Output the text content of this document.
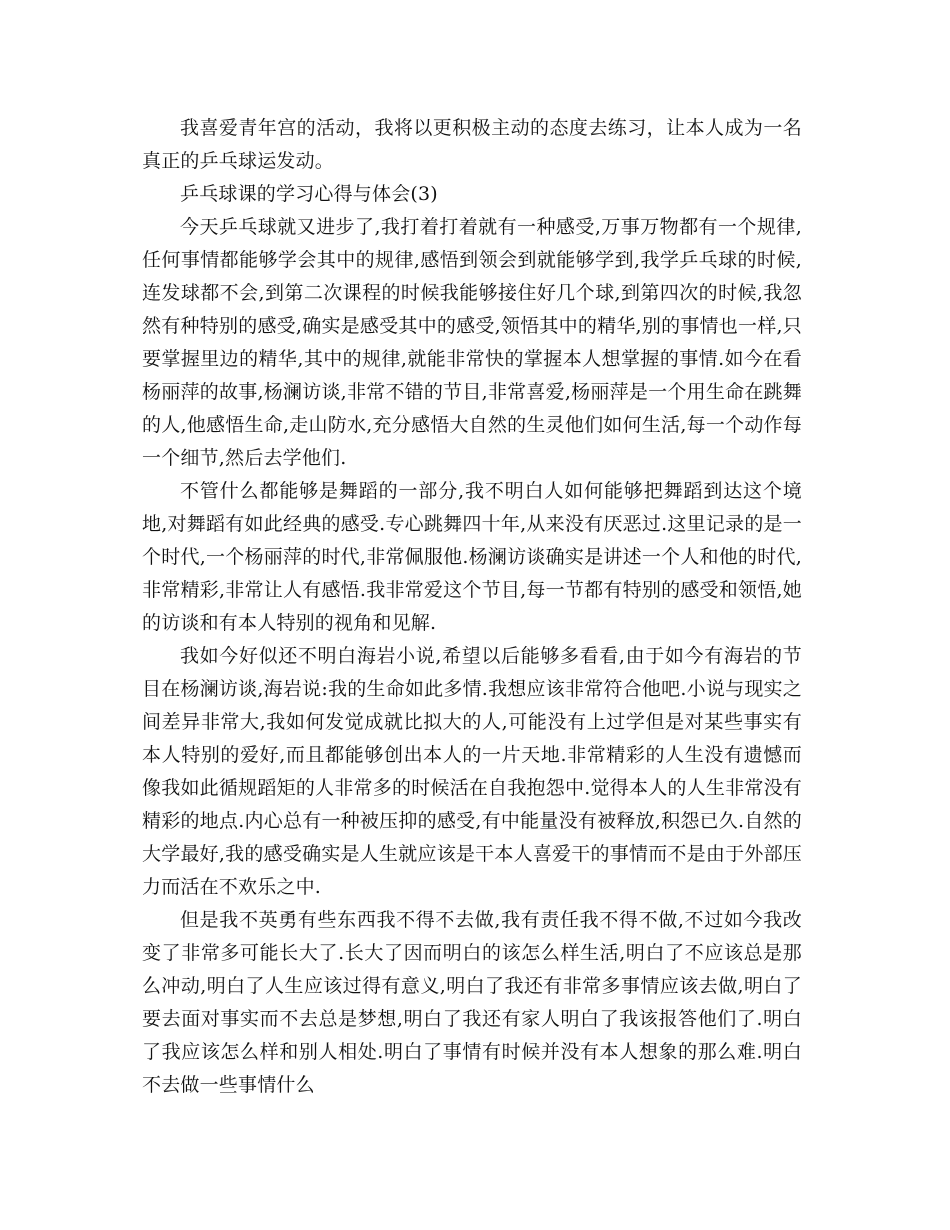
我喜爱青年宫的活动，我将以更积极主动的态度去练习，让本人成为一名真正的乒乓球运发动。

乒乓球课的学习心得与体会(3)

今天乒乓球就又进步了,我打着打着就有一种感受,万事万物都有一个规律,任何事情都能够学会其中的规律,感悟到领会到就能够学到,我学乒乓球的时候,连发球都不会,到第二次课程的时候我能够接住好几个球,到第四次的时候,我忽然有种特别的感受,确实是感受其中的感受,领悟其中的精华,别的事情也一样,只要掌握里边的精华,其中的规律,就能非常快的掌握本人想掌握的事情.如今在看杨丽萍的故事,杨澜访谈,非常不错的节目,非常喜爱,杨丽萍是一个用生命在跳舞的人,他感悟生命,走山防水,充分感悟大自然的生灵他们如何生活,每一个动作每一个细节,然后去学他们.

不管什么都能够是舞蹈的一部分,我不明白人如何能够把舞蹈到达这个境地,对舞蹈有如此经典的感受.专心跳舞四十年,从来没有厌恶过.这里记录的是一个时代,一个杨丽萍的时代,非常佩服他.杨澜访谈确实是讲述一个人和他的时代,非常精彩,非常让人有感悟.我非常爱这个节目,每一节都有特别的感受和领悟,她的访谈和有本人特别的视角和见解.

我如今好似还不明白海岩小说,希望以后能够多看看,由于如今有海岩的节目在杨澜访谈,海岩说:我的生命如此多情.我想应该非常符合他吧.小说与现实之间差异非常大,我如何发觉成就比拟大的人,可能没有上过学但是对某些事实有本人特别的爱好,而且都能够创出本人的一片天地.非常精彩的人生没有遗憾而像我如此循规蹈矩的人非常多的时候活在自我抱怨中.觉得本人的人生非常没有精彩的地点.内心总有一种被压抑的感受,有中能量没有被释放,积怨已久.自然的大学最好,我的感受确实是人生就应该是干本人喜爱干的事情而不是由于外部压力而活在不欢乐之中.

但是我不英勇有些东西我不得不去做,我有责任我不得不做,不过如今我改变了非常多可能长大了.长大了因而明白的该怎么样生活,明白了不应该总是那么冲动,明白了人生应该过得有意义,明白了我还有非常多事情应该去做,明白了要去面对事实而不去总是梦想,明白了我还有家人明白了我该报答他们了.明白了我应该怎么样和别人相处.明白了事情有时候并没有本人想象的那么难.明白不去做一些事情什么
